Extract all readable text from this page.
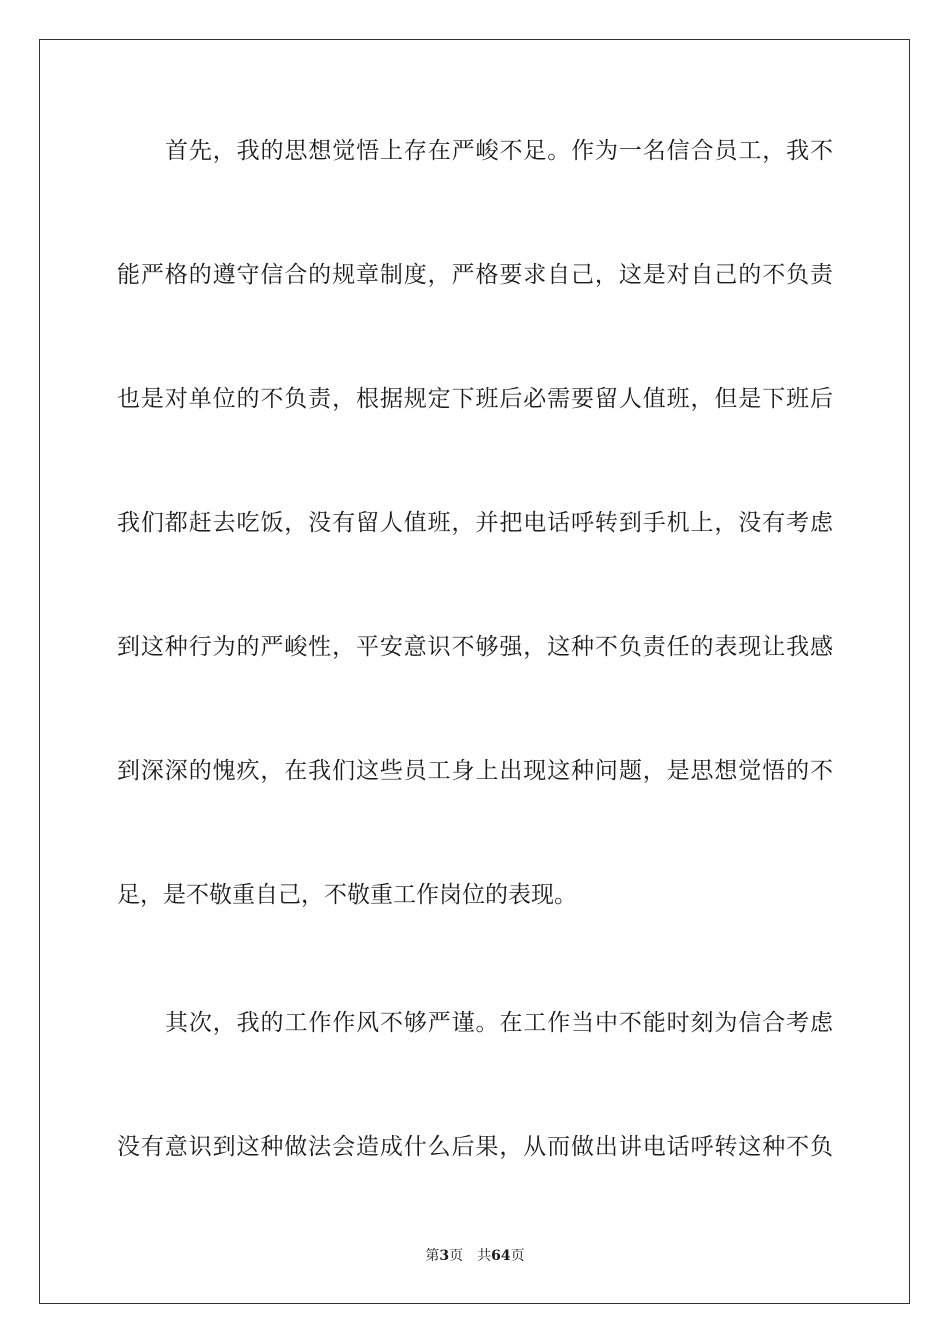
首先，我的思想觉悟上存在严峻不足。作为一名信合员工，我不
能严格的遵守信合的规章制度，严格要求自己，这是对自己的不负责
也是对单位的不负责，根据规定下班后必需要留人值班，但是下班后
我们都赶去吃饭，没有留人值班，并把电话呼转到手机上，没有考虑
到这种行为的严峻性，平安意识不够强，这种不负责任的表现让我感
到深深的愧疚，在我们这些员工身上出现这种问题，是思想觉悟的不
足，是不敬重自己，不敬重工作岗位的表现。
其次，我的工作作风不够严谨。在工作当中不能时刻为信合考虑
没有意识到这种做法会造成什么后果，从而做出讲电话呼转这种不负
第3页 共64页
